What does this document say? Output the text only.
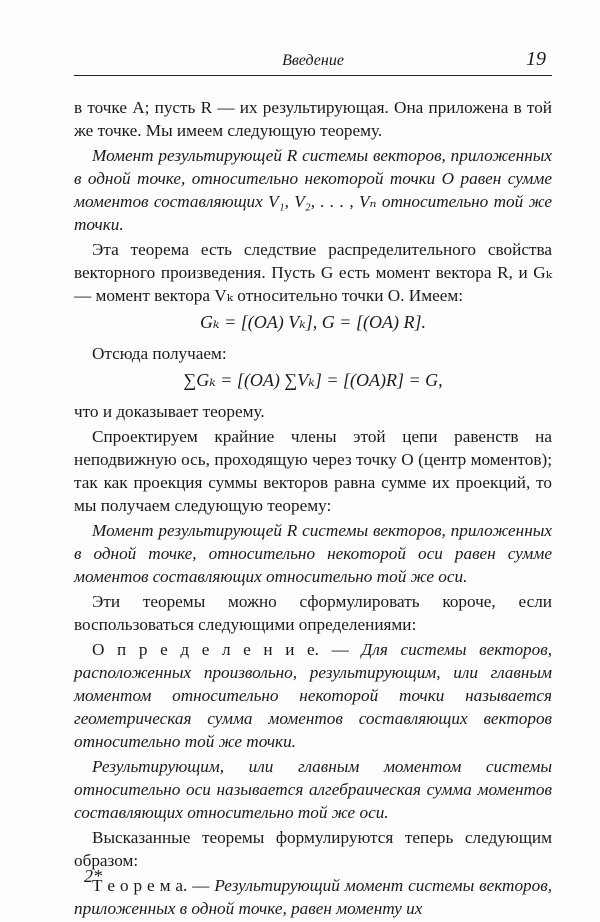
Введение	19

в точке A; пусть R — их результирующая. Она приложена в той же точке. Мы имеем следующую теорему.

Момент результирующей R системы векторов, приложенных в одной точке, относительно некоторой точки O равен сумме моментов составляющих V₁, V₂, . . . , Vₙ относительно той же точки.

Эта теорема есть следствие распределительного свойства векторного произведения. Пусть G есть момент вектора R, и Gₖ — момент вектора Vₖ относительно точки O. Имеем:

Gₖ = [(OA) Vₖ], G = [(OA) R].

Отсюда получаем:

∑Gₖ = [(OA) ∑Vₖ] = [(OA)R] = G,

что и доказывает теорему.

Спроектируем крайние члены этой цепи равенств на неподвижную ось, проходящую через точку O (центр моментов); так как проекция суммы векторов равна сумме их проекций, то мы получаем следующую теорему:

Момент результирующей R системы векторов, приложенных в одной точке, относительно некоторой оси равен сумме моментов составляющих относительно той же оси.

Эти теоремы можно сформулировать короче, если воспользоваться следующими определениями:

О п р е д е л е н и е. — Для системы векторов, расположенных произвольно, результирующим, или главным моментом относительно некоторой точки называется геометрическая сумма моментов составляющих векторов относительно той же точки.

Результирующим, или главным моментом системы относительно оси называется алгебраическая сумма моментов составляющих относительно той же оси.

Высказанные теоремы формулируются теперь следующим образом:

Т е о р е м а. — Результирующий момент системы векторов, приложенных в одной точке, равен моменту их

2*
